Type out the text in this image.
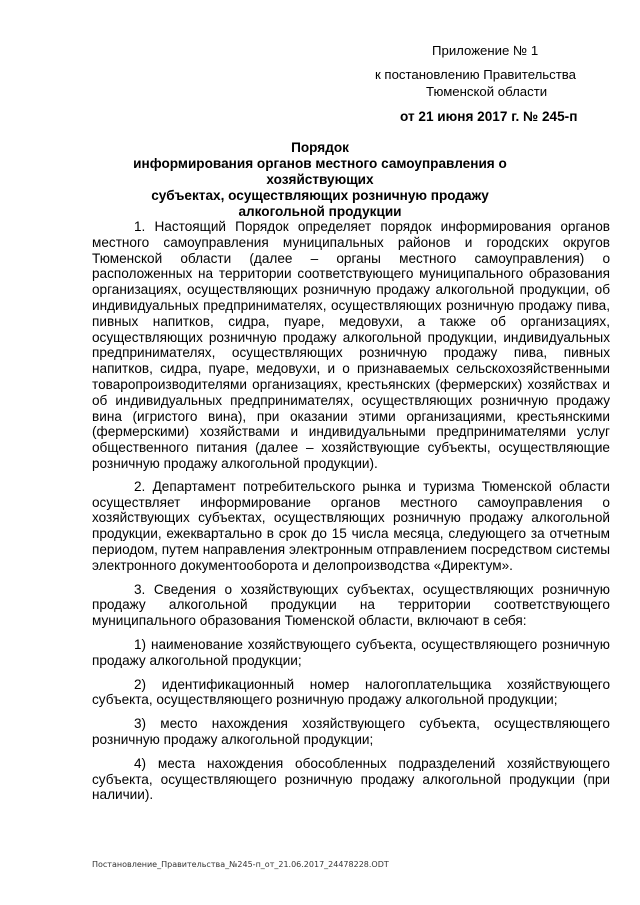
Приложение № 1
к постановлению Правительства
Тюменской области
от 21 июня 2017 г. № 245-п
Порядок
информирования органов местного самоуправления о хозяйствующих
субъектах, осуществляющих розничную продажу
алкогольной продукции

1. Настоящий Порядок определяет порядок информирования органов местного самоуправления муниципальных районов и городских округов Тюменской области (далее – органы местного самоуправления) о расположенных на территории соответствующего муниципального образования организациях, осуществляющих розничную продажу алкогольной продукции, об индивидуальных предпринимателях, осуществляющих розничную продажу пива, пивных напитков, сидра, пуаре, медовухи, а также об организациях, осуществляющих розничную продажу алкогольной продукции, индивидуальных предпринимателях, осуществляющих розничную продажу пива, пивных напитков, сидра, пуаре, медовухи, и о признаваемых сельскохозяйственными товаропроизводителями организациях, крестьянских (фермерских) хозяйствах и об индивидуальных предпринимателях, осуществляющих розничную продажу вина (игристого вина), при оказании этими организациями, крестьянскими (фермерскими) хозяйствами и индивидуальными предпринимателями услуг общественного питания (далее – хозяйствующие субъекты, осуществляющие розничную продажу алкогольной продукции).

2. Департамент потребительского рынка и туризма Тюменской области осуществляет информирование органов местного самоуправления о хозяйствующих субъектах, осуществляющих розничную продажу алкогольной продукции, ежеквартально в срок до 15 числа месяца, следующего за отчетным периодом, путем направления электронным отправлением посредством системы электронного документооборота и делопроизводства «Директум».

3. Сведения о хозяйствующих субъектах, осуществляющих розничную продажу алкогольной продукции на территории соответствующего муниципального образования Тюменской области, включают в себя:

1) наименование хозяйствующего субъекта, осуществляющего розничную продажу алкогольной продукции;

2) идентификационный номер налогоплательщика хозяйствующего субъекта, осуществляющего розничную продажу алкогольной продукции;

3) место нахождения хозяйствующего субъекта, осуществляющего розничную продажу алкогольной продукции;

4) места нахождения обособленных подразделений хозяйствующего субъекта, осуществляющего розничную продажу алкогольной продукции (при наличии).

Постановление_Правительства_№245-п_от_21.06.2017_24478228.ODT
